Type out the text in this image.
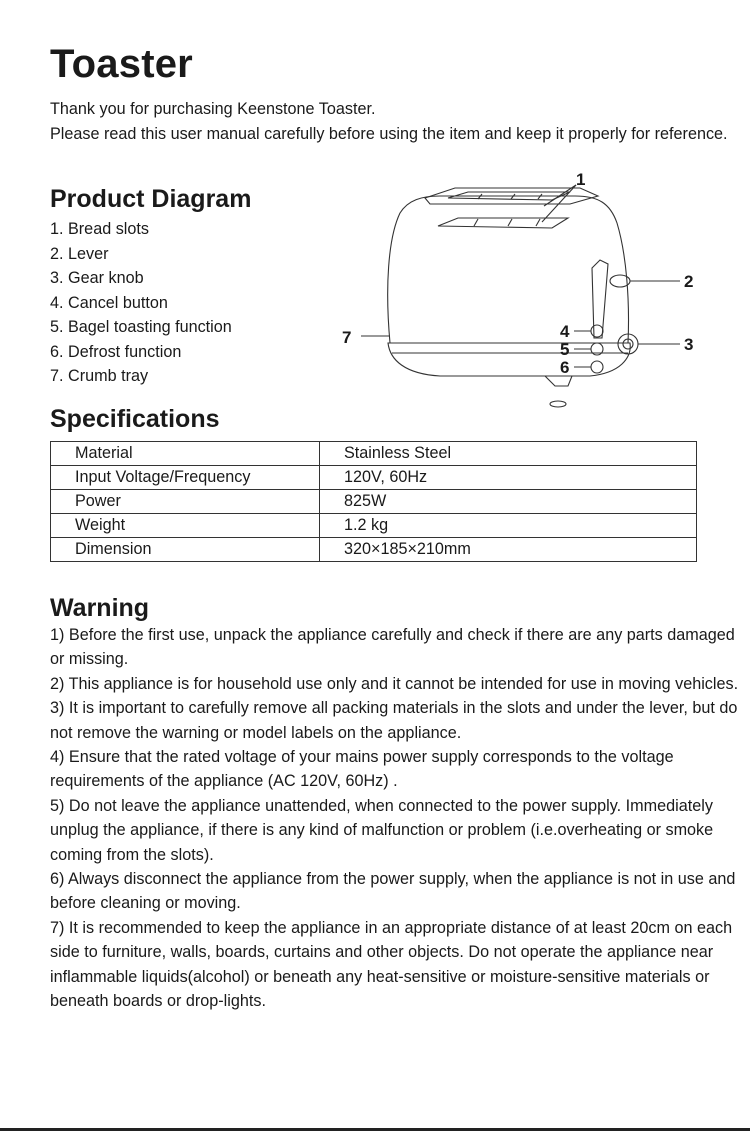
Toaster

Thank you for purchasing Keenstone Toaster.

Please read this user manual carefully before using the item and keep it properly for reference.

Product Diagram
1. Bread slots
2. Lever
3. Gear knob
4. Cancel button
5. Bagel toasting function
6. Defrost function
7. Crumb tray
1
2
3
4
5
6
7
Specifications
Material	Stainless Steel
Input Voltage/Frequency	120V, 60Hz
Power	825W
Weight	1.2 kg
Dimension	320×185×210mm
Warning

1) Before the first use, unpack the appliance carefully and check if there are any parts damaged or missing.

2) This appliance is for household use only and it cannot be intended for use in moving vehicles.

3) It is important to carefully remove all packing materials in the slots and under the lever, but do not remove the warning or model labels on the appliance.

4) Ensure that the rated voltage of your mains power supply corresponds to the voltage requirements of the appliance (AC 120V, 60Hz) .

5) Do not leave the appliance unattended, when connected to the power supply. Immediately unplug the appliance, if there is any kind of malfunction or problem (i.e.overheating or smoke coming from the slots).

6) Always disconnect the appliance from the power supply, when the appliance is not in use and before cleaning or moving.

7) It is recommended to keep the appliance in an appropriate distance of at least 20cm on each side to furniture, walls, boards, curtains and other objects. Do not operate the appliance near inflammable liquids(alcohol) or beneath any heat-sensitive or moisture-sensitive materials or beneath boards or drop-lights.
